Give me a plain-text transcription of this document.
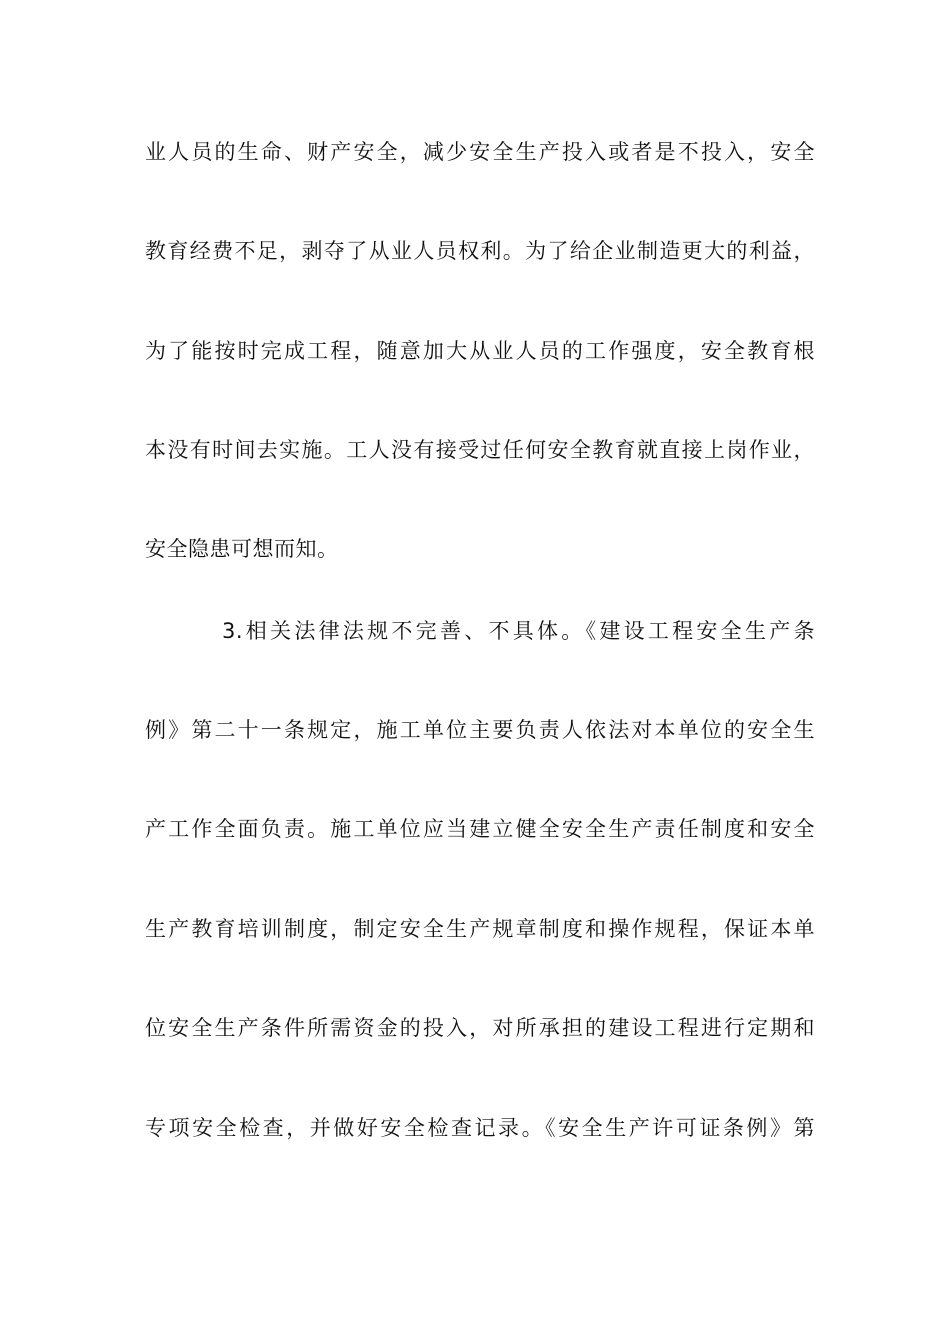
业人员的生命、财产安全，减少安全生产投入或者是不投入，安全
教育经费不足，剥夺了从业人员权利。为了给企业制造更大的利益，
为了能按时完成工程，随意加大从业人员的工作强度，安全教育根
本没有时间去实施。工人没有接受过任何安全教育就直接上岗作业，
安全隐患可想而知。
3.相关法律法规不完善、不具体。《建设工程安全生产条
例》第二十一条规定，施工单位主要负责人依法对本单位的安全生
产工作全面负责。施工单位应当建立健全安全生产责任制度和安全
生产教育培训制度，制定安全生产规章制度和操作规程，保证本单
位安全生产条件所需资金的投入，对所承担的建设工程进行定期和
专项安全检查，并做好安全检查记录。《安全生产许可证条例》第
